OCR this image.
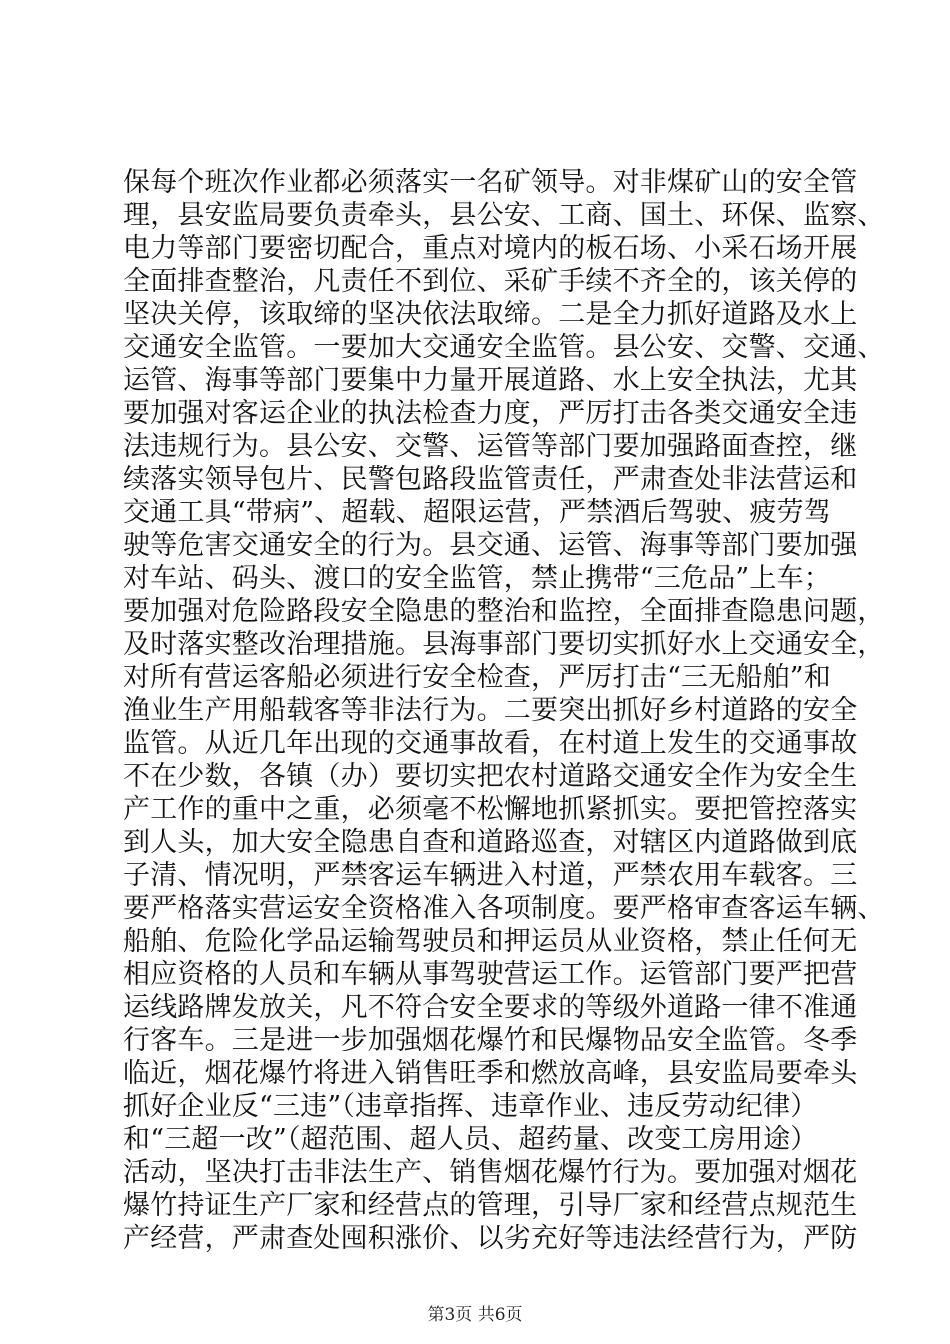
保每个班次作业都必须落实一名矿领导。对非煤矿山的安全管
理，县安监局要负责牵头，县公安、工商、国土、环保、监察、
电力等部门要密切配合，重点对境内的板石场、小采石场开展
全面排查整治，凡责任不到位、采矿手续不齐全的，该关停的
坚决关停，该取缔的坚决依法取缔。二是全力抓好道路及水上
交通安全监管。一要加大交通安全监管。县公安、交警、交通、
运管、海事等部门要集中力量开展道路、水上安全执法，尤其
要加强对客运企业的执法检查力度，严厉打击各类交通安全违
法违规行为。县公安、交警、运管等部门要加强路面查控，继
续落实领导包片、民警包路段监管责任，严肃查处非法营运和
交通工具“带病”、超载、超限运营，严禁酒后驾驶、疲劳驾
驶等危害交通安全的行为。县交通、运管、海事等部门要加强
对车站、码头、渡口的安全监管，禁止携带“三危品”上车；
要加强对危险路段安全隐患的整治和监控，全面排查隐患问题，
及时落实整改治理措施。县海事部门要切实抓好水上交通安全，
对所有营运客船必须进行安全检查，严厉打击“三无船舶”和
渔业生产用船载客等非法行为。二要突出抓好乡村道路的安全
监管。从近几年出现的交通事故看，在村道上发生的交通事故
不在少数，各镇（办）要切实把农村道路交通安全作为安全生
产工作的重中之重，必须毫不松懈地抓紧抓实。要把管控落实
到人头，加大安全隐患自查和道路巡查，对辖区内道路做到底
子清、情况明，严禁客运车辆进入村道，严禁农用车载客。三
要严格落实营运安全资格准入各项制度。要严格审查客运车辆、
船舶、危险化学品运输驾驶员和押运员从业资格，禁止任何无
相应资格的人员和车辆从事驾驶营运工作。运管部门要严把营
运线路牌发放关，凡不符合安全要求的等级外道路一律不准通
行客车。三是进一步加强烟花爆竹和民爆物品安全监管。冬季
临近，烟花爆竹将进入销售旺季和燃放高峰，县安监局要牵头
抓好企业反“三违”（违章指挥、违章作业、违反劳动纪律）
和“三超一改”（超范围、超人员、超药量、改变工房用途）
活动，坚决打击非法生产、销售烟花爆竹行为。要加强对烟花
爆竹持证生产厂家和经营点的管理，引导厂家和经营点规范生
产经营，严肃查处囤积涨价、以劣充好等违法经营行为，严防
第3页 共6页
